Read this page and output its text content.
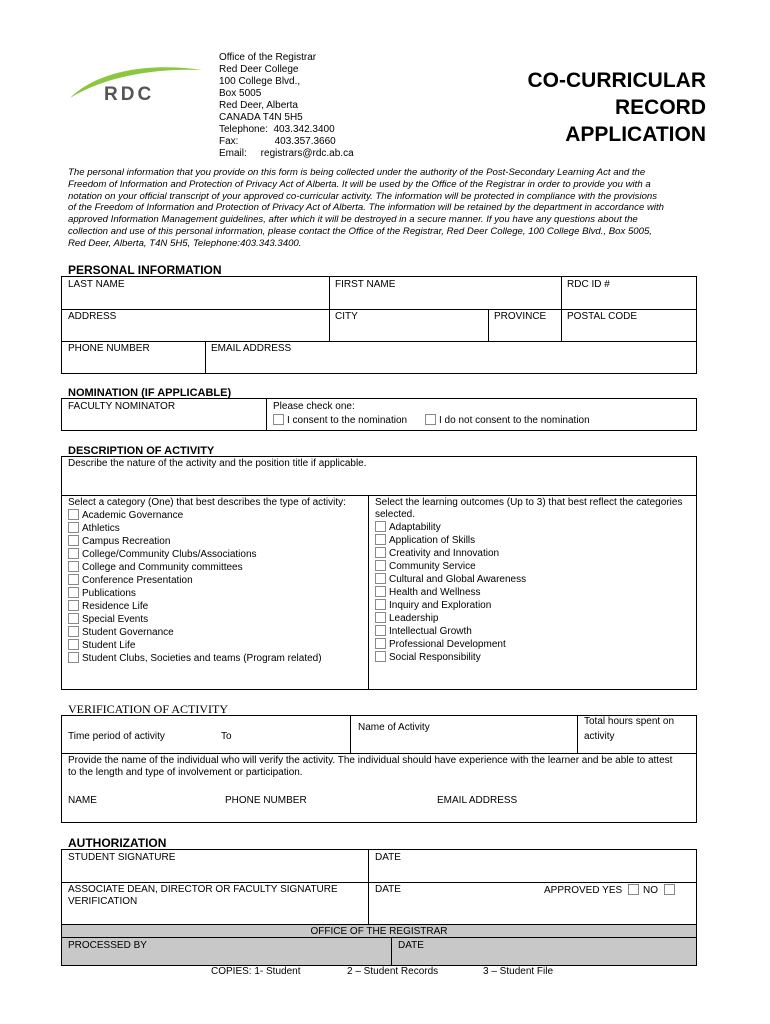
RDC
Office of the Registrar
Red Deer College
100 College Blvd.,
Box 5005
Red Deer, Alberta
CANADA T4N 5H5
Telephone:  403.342.3400
Fax:             403.357.3660
Email:     registrars@rdc.ab.ca
CO-CURRICULAR
RECORD
APPLICATION
The personal information that you provide on this form is being collected under the authority of the Post-Secondary Learning Act and the
Freedom of Information and Protection of Privacy Act of Alberta. It will be used by the Office of the Registrar in order to provide you with a
notation on your official transcript of your approved co-curricular activity. The information will be protected in compliance with the provisions
of the Freedom of Information and Protection of Privacy Act of Alberta. The information will be retained by the department in accordance with
approved Information Management guidelines, after which it will be destroyed in a secure manner. If you have any questions about the
collection and use of this personal information, please contact the Office of the Registrar, Red Deer College, 100 College Blvd., Box 5005,
Red Deer, Alberta, T4N 5H5, Telephone:403.343.3400.
PERSONAL INFORMATION
LAST NAME	FIRST NAME	RDC ID #
ADDRESS	CITY	PROVINCE POSTAL CODE
PHONE NUMBER	EMAIL ADDRESS
NOMINATION (IF APPLICABLE)
FACULTY NOMINATOR	Please check one:
I consent to the nomination	I do not consent to the nomination
DESCRIPTION OF ACTIVITY
Describe the nature of the activity and the position title if applicable.
Select a category (One) that best describes the type of activity:
Academic Governance
Athletics
Campus Recreation
College/Community Clubs/Associations
College and Community committees
Conference Presentation
Publications
Residence Life
Special Events
Student Governance
Student Life
Student Clubs, Societies and teams (Program related)
Select the learning outcomes (Up to 3) that best reflect the categories
selected.
Adaptability
Application of Skills
Creativity and Innovation
Community Service
Cultural and Global Awareness
Health and Wellness
Inquiry and Exploration
Leadership
Intellectual Growth
Professional Development
Social Responsibility
VERIFICATION OF ACTIVITY
Time period of activity	To
Name of Activity
Total hours spent on
activity
Provide the name of the individual who will verify the activity. The individual should have experience with the learner and be able to attest
to the length and type of involvement or participation.
NAME	PHONE NUMBER	EMAIL ADDRESS
AUTHORIZATION
STUDENT SIGNATURE	DATE
ASSOCIATE DEAN, DIRECTOR OR FACULTY SIGNATURE
VERIFICATION
DATE	APPROVED YES	NO
OFFICE OF THE REGISTRAR
PROCESSED BY	DATE
COPIES: 1- Student	2 – Student Records	3 – Student File
